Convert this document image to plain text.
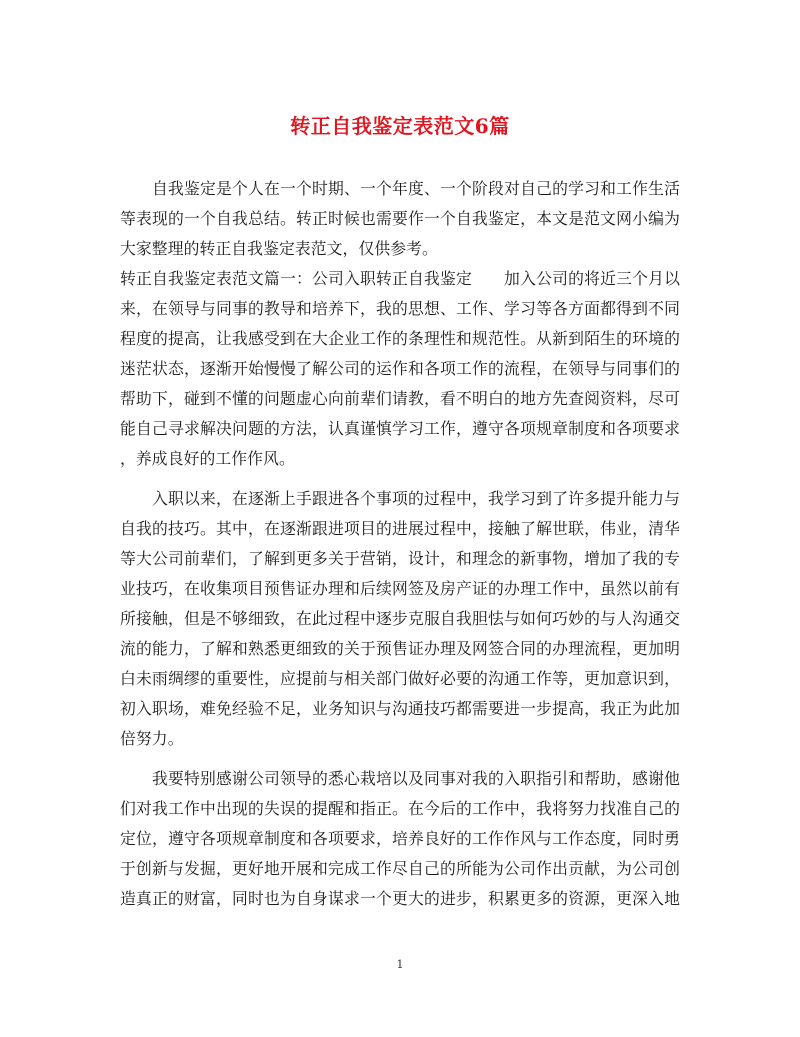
转正自我鉴定表范文6篇
自我鉴定是个人在一个时期、一个年度、一个阶段对自己的学习和工作生活
等表现的一个自我总结。转正时候也需要作一个自我鉴定，本文是范文网小编为
大家整理的转正自我鉴定表范文，仅供参考。
转正自我鉴定表范文篇一：公司入职转正自我鉴定　　加入公司的将近三个月以
来，在领导与同事的教导和培养下，我的思想、工作、学习等各方面都得到不同
程度的提高，让我感受到在大企业工作的条理性和规范性。从新到陌生的环境的
迷茫状态，逐渐开始慢慢了解公司的运作和各项工作的流程，在领导与同事们的
帮助下，碰到不懂的问题虚心向前辈们请教，看不明白的地方先查阅资料，尽可
能自己寻求解决问题的方法，认真谨慎学习工作，遵守各项规章制度和各项要求
，养成良好的工作作风。
入职以来，在逐渐上手跟进各个事项的过程中，我学习到了许多提升能力与
自我的技巧。其中，在逐渐跟进项目的进展过程中，接触了解世联，伟业，清华
等大公司前辈们，了解到更多关于营销，设计，和理念的新事物，增加了我的专
业技巧，在收集项目预售证办理和后续网签及房产证的办理工作中，虽然以前有
所接触，但是不够细致，在此过程中逐步克服自我胆怯与如何巧妙的与人沟通交
流的能力，了解和熟悉更细致的关于预售证办理及网签合同的办理流程，更加明
白未雨绸缪的重要性，应提前与相关部门做好必要的沟通工作等，更加意识到，
初入职场，难免经验不足，业务知识与沟通技巧都需要进一步提高，我正为此加
倍努力。
我要特别感谢公司领导的悉心栽培以及同事对我的入职指引和帮助，感谢他
们对我工作中出现的失误的提醒和指正。在今后的工作中，我将努力找准自己的
定位，遵守各项规章制度和各项要求，培养良好的工作作风与工作态度，同时勇
于创新与发掘，更好地开展和完成工作尽自己的所能为公司作出贡献，为公司创
造真正的财富，同时也为自身谋求一个更大的进步，积累更多的资源，更深入地
1
